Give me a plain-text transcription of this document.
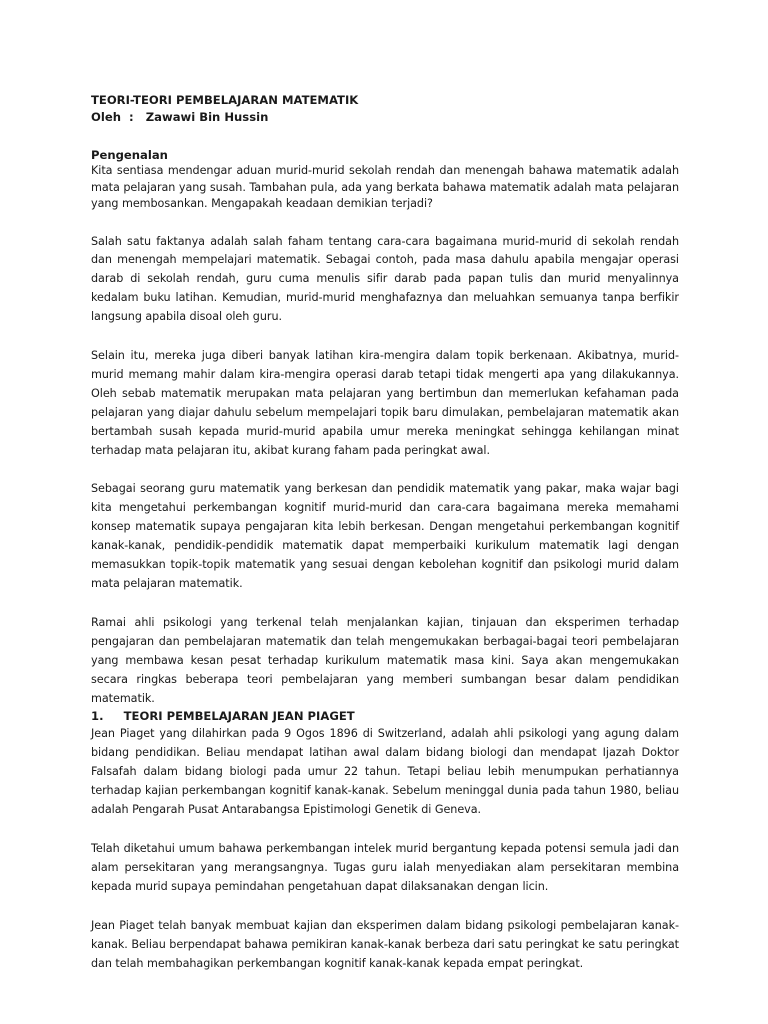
TEORI-TEORI PEMBELAJARAN MATEMATIK
Oleh  :   Zawawi Bin Hussin
Pengenalan

Kita sentiasa mendengar aduan murid-murid sekolah rendah dan menengah bahawa matematik adalah mata pelajaran yang susah. Tambahan pula, ada yang berkata bahawa matematik adalah mata pelajaran yang membosankan. Mengapakah keadaan demikian terjadi?

Salah satu faktanya adalah salah faham tentang cara-cara bagaimana murid-murid di sekolah rendah dan menengah mempelajari matematik. Sebagai contoh, pada masa dahulu apabila mengajar operasi darab di sekolah rendah, guru cuma menulis sifir darab pada papan tulis dan murid menyalinnya kedalam buku latihan. Kemudian, murid-murid menghafaznya dan meluahkan semuanya tanpa berfikir langsung apabila disoal oleh guru.

Selain itu, mereka juga diberi banyak latihan kira-mengira dalam topik berkenaan. Akibatnya, murid-murid memang mahir dalam kira-mengira operasi darab tetapi tidak mengerti apa yang dilakukannya. Oleh sebab matematik merupakan mata pelajaran yang bertimbun dan memerlukan kefahaman pada pelajaran yang diajar dahulu sebelum mempelajari topik baru dimulakan, pembelajaran matematik akan bertambah susah kepada murid-murid apabila umur mereka meningkat sehingga kehilangan minat terhadap mata pelajaran itu, akibat kurang faham pada peringkat awal.

Sebagai seorang guru matematik yang berkesan dan pendidik matematik yang pakar, maka wajar bagi kita mengetahui perkembangan kognitif murid-murid dan cara-cara bagaimana mereka memahami konsep matematik supaya pengajaran kita lebih berkesan. Dengan mengetahui perkembangan kognitif kanak-kanak, pendidik-pendidik matematik dapat memperbaiki kurikulum matematik lagi dengan memasukkan topik-topik matematik yang sesuai dengan kebolehan kognitif dan psikologi murid dalam mata pelajaran matematik.

Ramai ahli psikologi yang terkenal telah menjalankan kajian, tinjauan dan eksperimen terhadap pengajaran dan pembelajaran matematik dan telah mengemukakan berbagai-bagai teori pembelajaran yang membawa kesan pesat terhadap kurikulum matematik masa kini. Saya akan mengemukakan secara ringkas beberapa teori pembelajaran yang memberi sumbangan besar dalam pendidikan matematik.

1.     TEORI PEMBELAJARAN JEAN PIAGET

Jean Piaget yang dilahirkan pada 9 Ogos 1896 di Switzerland, adalah ahli psikologi yang agung dalam bidang pendidikan. Beliau mendapat latihan awal dalam bidang biologi dan mendapat Ijazah Doktor Falsafah dalam bidang biologi pada umur 22 tahun. Tetapi beliau lebih menumpukan perhatiannya terhadap kajian perkembangan kognitif kanak-kanak. Sebelum meninggal dunia pada tahun 1980, beliau adalah Pengarah Pusat Antarabangsa Epistimologi Genetik di Geneva.

Telah diketahui umum bahawa perkembangan intelek murid bergantung kepada potensi semula jadi dan alam persekitaran yang merangsangnya. Tugas guru ialah menyediakan alam persekitaran membina kepada murid supaya pemindahan pengetahuan dapat dilaksanakan dengan licin.

Jean Piaget telah banyak membuat kajian dan eksperimen dalam bidang psikologi pembelajaran kanak-kanak. Beliau berpendapat bahawa pemikiran kanak-kanak berbeza dari satu peringkat ke satu peringkat dan telah membahagikan perkembangan kognitif kanak-kanak kepada empat peringkat.
